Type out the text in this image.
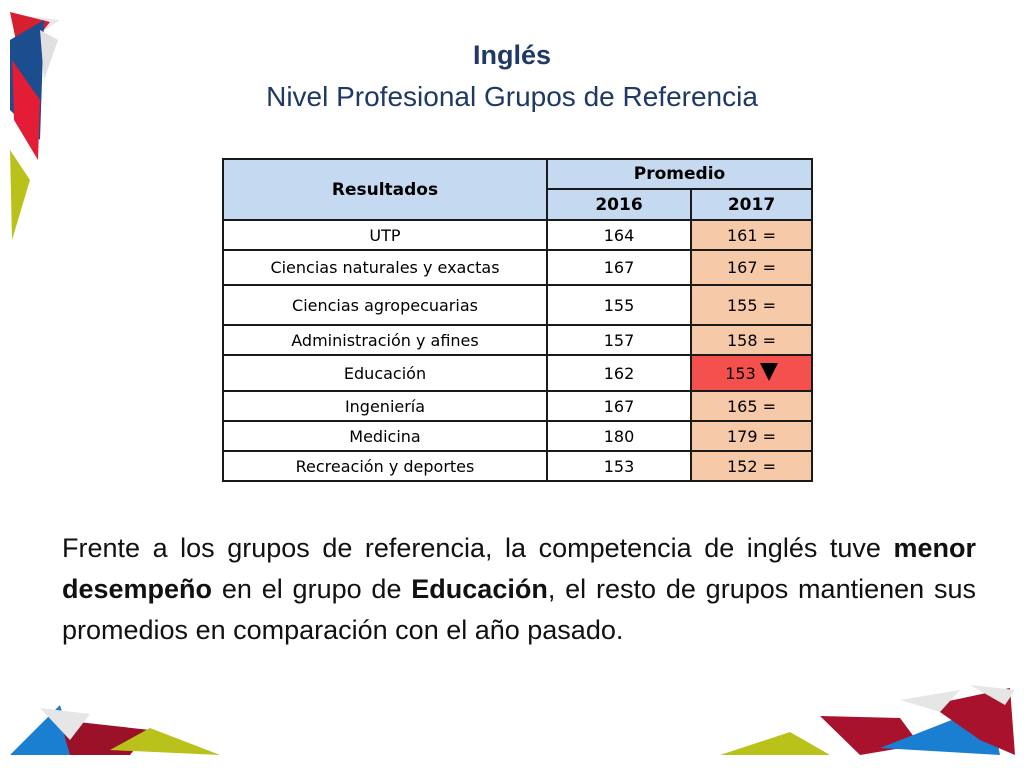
Inglés
Nivel Profesional Grupos de Referencia
Resultados	Promedio	
	2016	2017
UTP	164	161 =
Ciencias naturales y exactas	167	167 =
Ciencias agropecuarias	155	155 =
Administración y afines	157	158 =
Educación	162	153
Ingeniería	167	165 =
Medicina	180	179 =
Recreación y deportes	153	152 =

Frente a los grupos de referencia, la competencia de inglés tuve menor desempeño en el grupo de Educación, el resto de grupos mantienen sus promedios en comparación con el año pasado.
